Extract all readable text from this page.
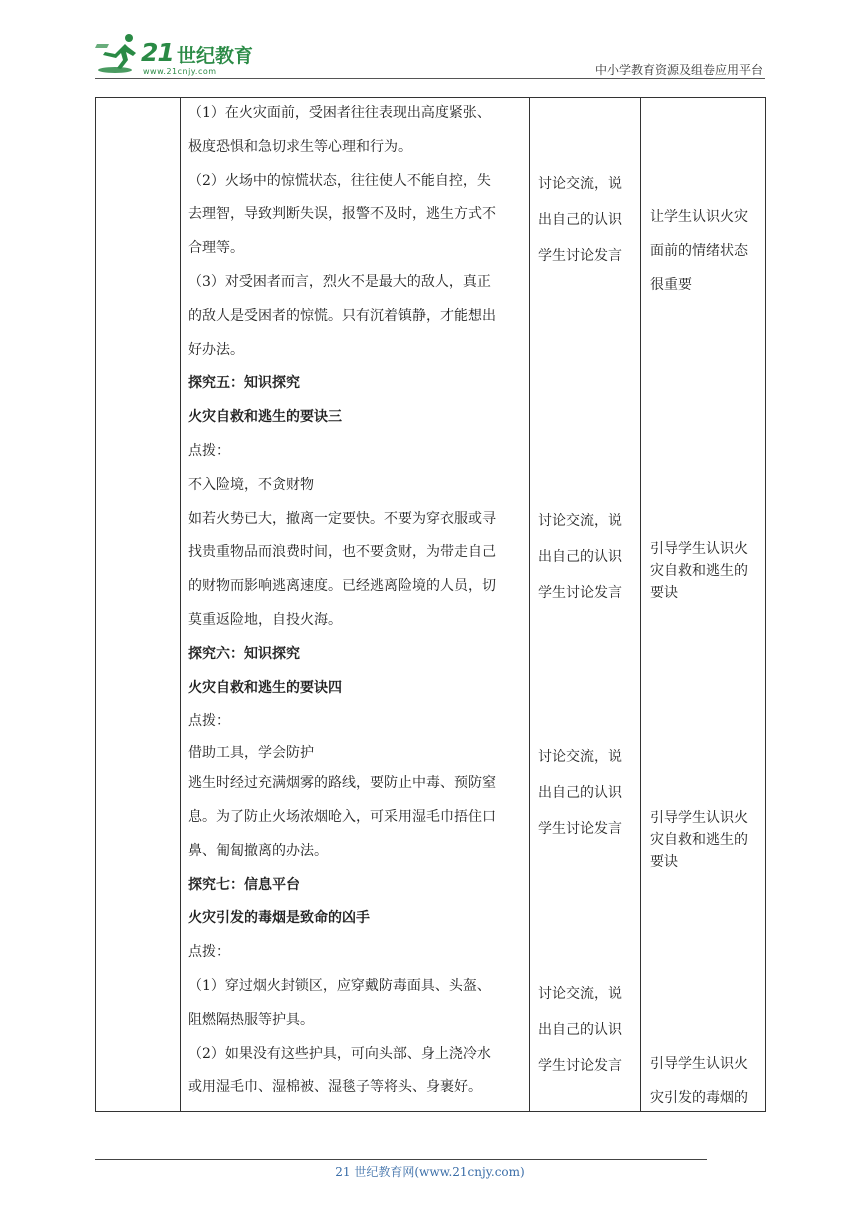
21 世纪教育
www.21cnjy.com	中小学教育资源及组卷应用平台
（1）在火灾面前，受困者往往表现出高度紧张、
极度恐惧和急切求生等心理和行为。
（2）火场中的惊慌状态，往往使人不能自控，失
去理智，导致判断失误，报警不及时，逃生方式不
合理等。
（3）对受困者而言，烈火不是最大的敌人，真正
的敌人是受困者的惊慌。只有沉着镇静，才能想出
好办法。
探究五：知识探究
火灾自救和逃生的要诀三
点拨：
不入险境，不贪财物
如若火势已大，撤离一定要快。不要为穿衣服或寻
找贵重物品而浪费时间，也不要贪财，为带走自己
的财物而影响逃离速度。已经逃离险境的人员，切
莫重返险地，自投火海。
探究六：知识探究
火灾自救和逃生的要诀四
点拨：
借助工具，学会防护
逃生时经过充满烟雾的路线，要防止中毒、预防窒
息。为了防止火场浓烟呛入，可采用湿毛巾捂住口
鼻、匍匐撤离的办法。
探究七：信息平台
火灾引发的毒烟是致命的凶手
点拨：
（1）穿过烟火封锁区，应穿戴防毒面具、头盔、
阻燃隔热服等护具。
（2）如果没有这些护具，可向头部、身上浇冷水
或用湿毛巾、湿棉被、湿毯子等将头、身裹好。
讨论交流，说
出自己的认识
学生讨论发言
讨论交流，说
出自己的认识
学生讨论发言
讨论交流，说
出自己的认识
学生讨论发言
讨论交流，说
出自己的认识
学生讨论发言
让学生认识火灾
面前的情绪状态
很重要
引导学生认识火
灾自救和逃生的
要诀
引导学生认识火
灾自救和逃生的
要诀
引导学生认识火
灾引发的毒烟的
21 世纪教育网(www.21cnjy.com)
